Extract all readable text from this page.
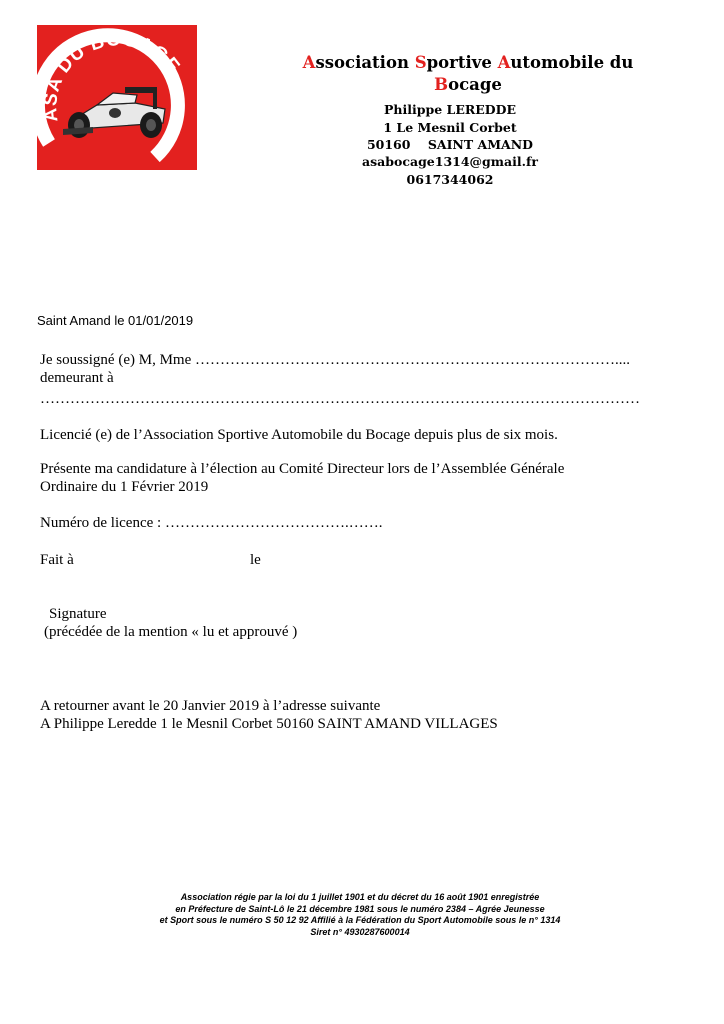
ASA DU BOCAGE	Association Sportive Automobile du
Bocage
Philippe LEREDDE
1 Le Mesnil Corbet
50160    SAINT AMAND
asabocage1314@gmail.fr
0617344062
Saint Amand le 01/01/2019
Je soussigné (e) M, Mme …………………………………………………………………………....
demeurant à
…………………………………………………………………………………………………………
Licencié (e) de l’Association Sportive Automobile du Bocage depuis plus de six mois.
Présente ma candidature à l’élection au Comité Directeur lors de l’Assemblée Générale
Ordinaire du 1 Février 2019
Numéro de licence : ……………………………….…….
Fait à	le
Signature
(précédée de la mention « lu et approuvé )
A retourner avant le 20 Janvier 2019 à l’adresse suivante
A Philippe Leredde 1 le Mesnil Corbet 50160 SAINT AMAND VILLAGES
Association régie par la loi du 1 juillet 1901 et du décret du 16 août 1901 enregistrée
en Préfecture de Saint-Lô le 21 décembre 1981 sous le numéro 2384 – Agrée Jeunesse
et Sport sous le numéro S 50 12 92 Affilié à la Fédération du Sport Automobile sous le n° 1314
Siret n° 4930287600014
